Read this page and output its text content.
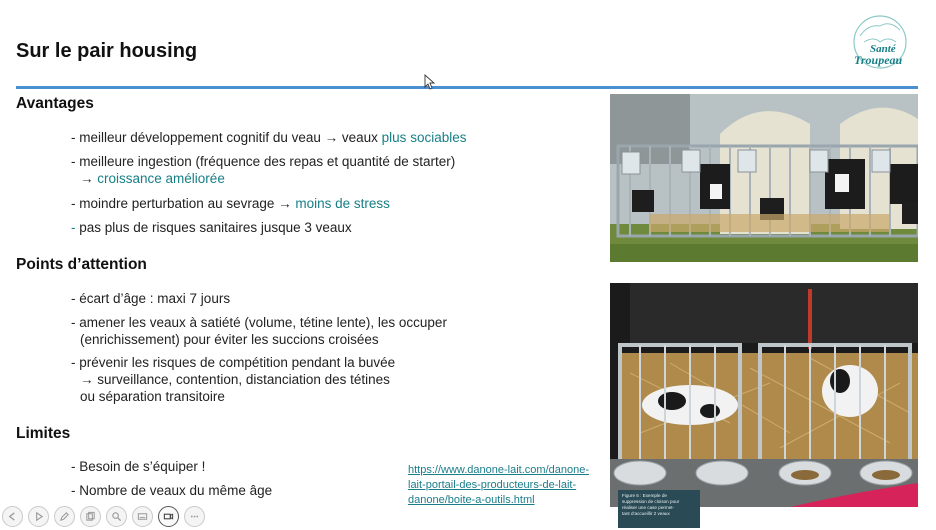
Sur le pair housing	Santé
Troupeau
Avantages
- meilleur développement cognitif du veau → veaux plus sociables
- meilleure ingestion (fréquence des repas et quantité de starter)
→ croissance améliorée
- moindre perturbation au sevrage → moins de stress
- pas plus de risques sanitaires jusque 3 veaux
Points d’attention
- écart d’âge : maxi 7 jours
- amener les veaux à satiété (volume, tétine lente), les occuper
(enrichissement) pour éviter les succions croisées
- prévenir les risques de compétition pendant la buvée
→ surveillance, contention, distanciation des tétines
ou séparation transitoire
Limites
- Besoin de s’équiper !
- Nombre de veaux du même âge
https://www.danone-lait.com/danone-
lait-portail-des-producteurs-de-lait-
danone/boite-a-outils.html	Figure 5 : Exemple de
suppression de cloison pour
réaliser une case permet-
tant d’accueillir 2 veaux
